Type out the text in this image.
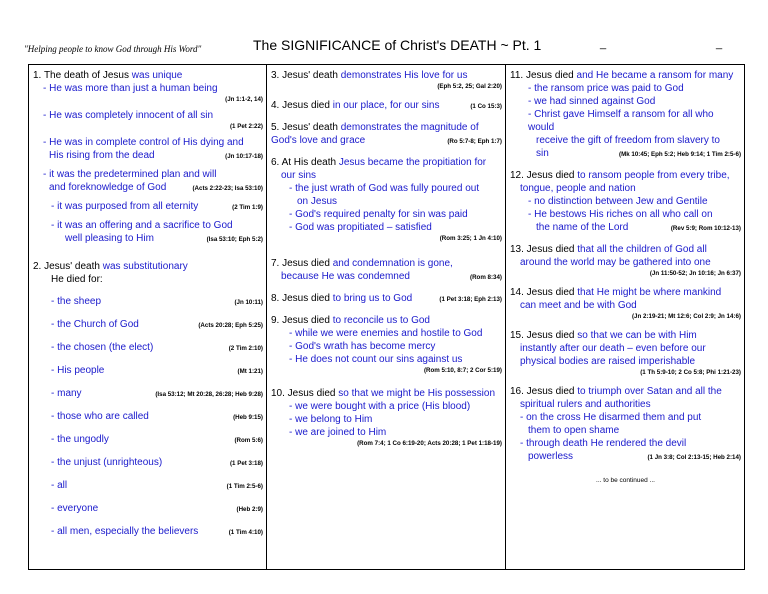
"Helping people to know God through His Word"	The SIGNIFICANCE of Christ's DEATH ~ Pt. 1	_	_
1. The death of Jesus was unique
- He was more than just a human being
(Jn 1:1-2, 14)
- He was completely innocent of all sin
(1 Pet 2:22)
- He was in complete control of His dying and
His rising from the dead	(Jn 10:17-18)
- it was the predetermined plan and will
and foreknowledge of God	(Acts 2:22-23; Isa 53:10)
- it was purposed from all eternity	(2 Tim 1:9)
- it was an offering and a sacrifice to God
well pleasing to Him	(Isa 53:10; Eph 5:2)
2. Jesus' death was substitutionary
He died for:
- the sheep	(Jn 10:11)
- the Church of God	(Acts 20:28; Eph 5:25)
- the chosen (the elect)	(2 Tim 2:10)
- His people	(Mt 1:21)
- many	(Isa 53:12; Mt 20:28, 26:28; Heb 9:28)
- those who are called	(Heb 9:15)
- the ungodly	(Rom 5:6)
- the unjust (unrighteous)	(1 Pet 3:18)
- all	(1 Tim 2:5-6)
- everyone	(Heb 2:9)
- all men, especially the believers	(1 Tim 4:10)
3. Jesus' death demonstrates His love for us
(Eph 5:2, 25; Gal 2:20)
4. Jesus died in our place, for our sins	(1 Co 15:3)
5. Jesus' death demonstrates the magnitude of
God's love and grace	(Ro 5:7-8; Eph 1:7)
6. At His death Jesus became the propitiation for
our sins
- the just wrath of God was fully poured out
on Jesus
- God's required penalty for sin was paid
- God was propitiated – satisfied
(Rom 3:25; 1 Jn 4:10)
7. Jesus died and condemnation is gone,
because He was condemned	(Rom 8:34)
8. Jesus died to bring us to God	(1 Pet 3:18; Eph 2:13)
9. Jesus died to reconcile us to God
- while we were enemies and hostile to God
- God's wrath has become mercy
- He does not count our sins against us
(Rom 5:10, 8:7; 2 Cor 5:19)
10. Jesus died so that we might be His possession
- we were bought with a price (His blood)
- we belong to Him
- we are joined to Him
(Rom 7:4; 1 Co 6:19-20; Acts 20:28; 1 Pet 1:18-19)
11. Jesus died and He became a ransom for many
- the ransom price was paid to God
- we had sinned against God
- Christ gave Himself a ransom for all who would
receive the gift of freedom from slavery to
sin	(Mk 10:45; Eph 5:2; Heb 9:14; 1 Tim 2:5-6)
12. Jesus died to ransom people from every tribe,
tongue, people and nation
- no distinction between Jew and Gentile
- He bestows His riches on all who call on
the name of the Lord	(Rev 5:9; Rom 10:12-13)
13. Jesus died that all the children of God all
around the world may be gathered into one
(Jn 11:50-52; Jn 10:16; Jn 6:37)
14. Jesus died that He might be where mankind
can meet and be with God
(Jn 2:19-21; Mt 12:6; Col 2:9; Jn 14:6)
15. Jesus died so that we can be with Him
instantly after our death – even before our
physical bodies are raised imperishable
(1 Th 5:9-10; 2 Co 5:8; Phi 1:21-23)
16. Jesus died to triumph over Satan and all the
spiritual rulers and authorities
- on the cross He disarmed them and put
them to open shame
- through death He rendered the devil
powerless	(1 Jn 3:8; Col 2:13-15; Heb 2:14)
... to be continued ...
